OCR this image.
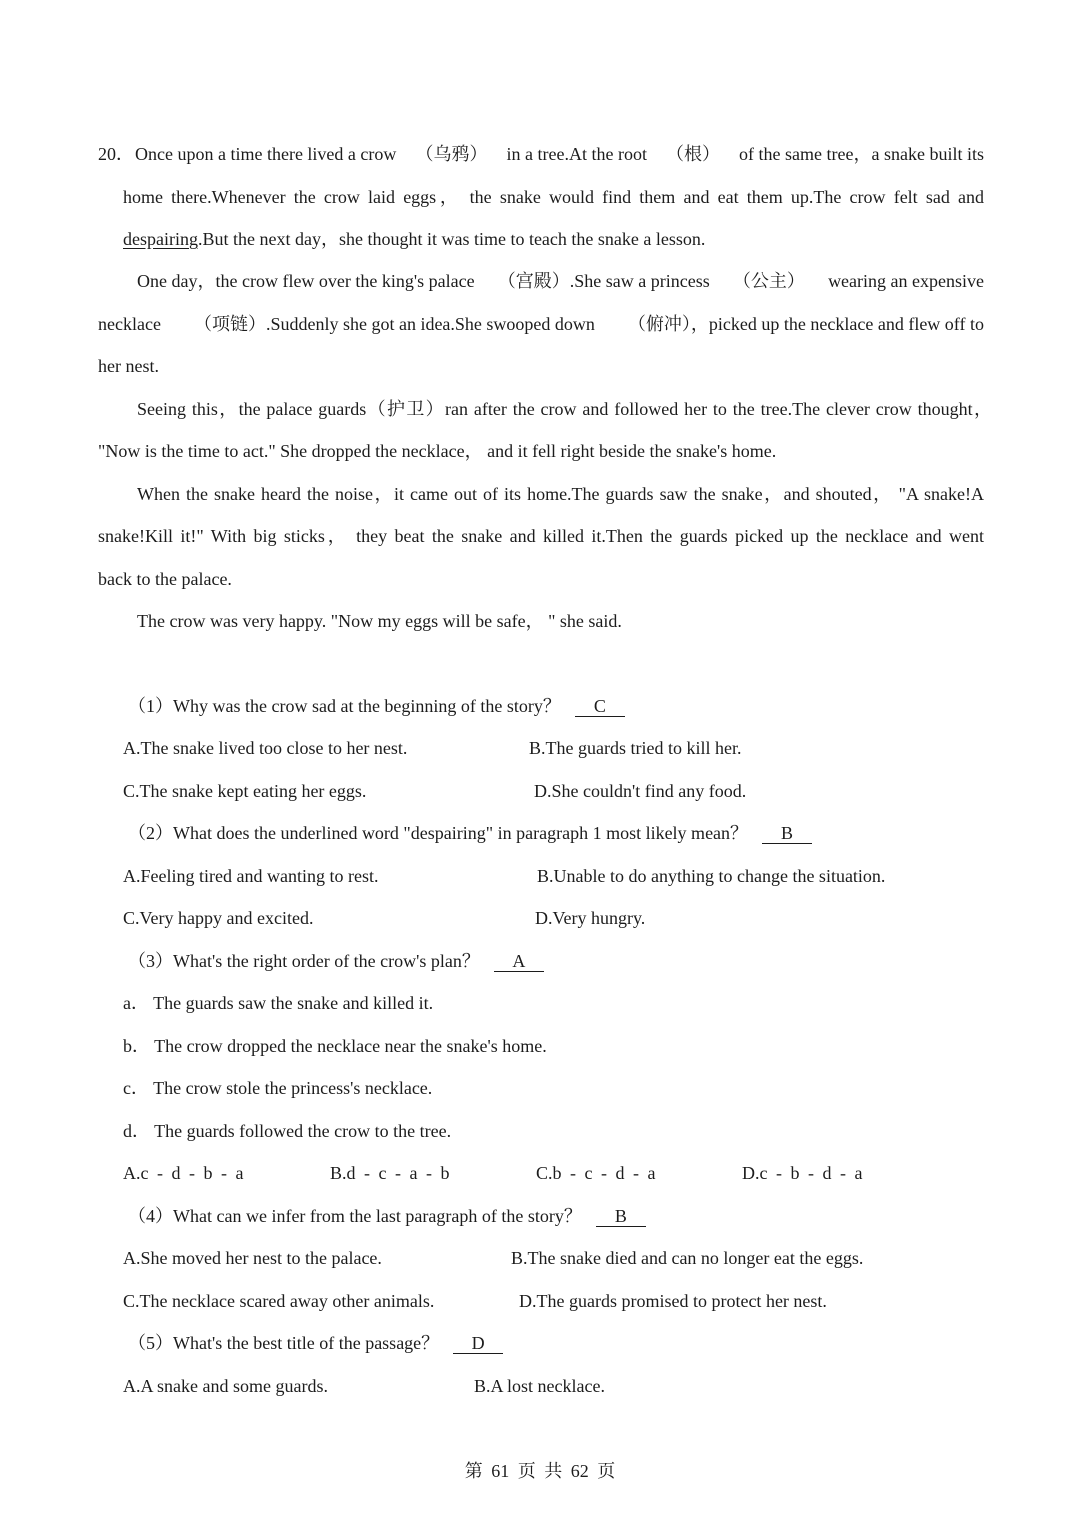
20． Once upon a time there lived a crow （乌鸦） in a tree.At the root （根） of the same tree，a snake built its
home there.Whenever the crow laid eggs， the snake would find them and eat them up.The crow felt sad and
despairing.But the next day，she thought it was time to teach the snake a lesson.
One day，the crow flew over the king's palace （宫殿）.She saw a princess （公主） wearing an expensive
necklace （项链）.Suddenly she got an idea.She swooped down （俯冲），picked up the necklace and flew off to
her nest.
Seeing this，the palace guards（护卫）ran after the crow and followed her to the tree.The clever crow thought，
"Now is the time to act." She dropped the necklace， and it fell right beside the snake's home.
When the snake heard the noise，it came out of its home.The guards saw the snake，and shouted， "A snake!A
snake!Kill it!" With big sticks， they beat the snake and killed it.Then the guards picked up the necklace and went
back to the palace.
The crow was very happy. "Now my eggs will be safe， " she said.
（1）Why was the crow sad at the beginning of the story？ C
A.The snake lived too close to her nest.	B.The guards tried to kill her.
C.The snake kept eating her eggs.	D.She couldn't find any food.
（2）What does the underlined word "despairing" in paragraph 1 most likely mean？ B
A.Feeling tired and wanting to rest.	B.Unable to do anything to change the situation.
C.Very happy and excited.	D.Very hungry.
（3）What's the right order of the crow's plan？ A
a． The guards saw the snake and killed it.
b． The crow dropped the necklace near the snake's home.
c． The crow stole the princess's necklace.
d． The guards followed the crow to the tree.
A.c - d - b - a	B.d - c - a - b	C.b - c - d - a	D.c - b - d - a
（4）What can we infer from the last paragraph of the story？ B
A.She moved her nest to the palace.	B.The snake died and can no longer eat the eggs.
C.The necklace scared away other animals.	D.The guards promised to protect her nest.
（5）What's the best title of the passage？ D
A.A snake and some guards.	B.A lost necklace.
第 61 页 共 62 页
